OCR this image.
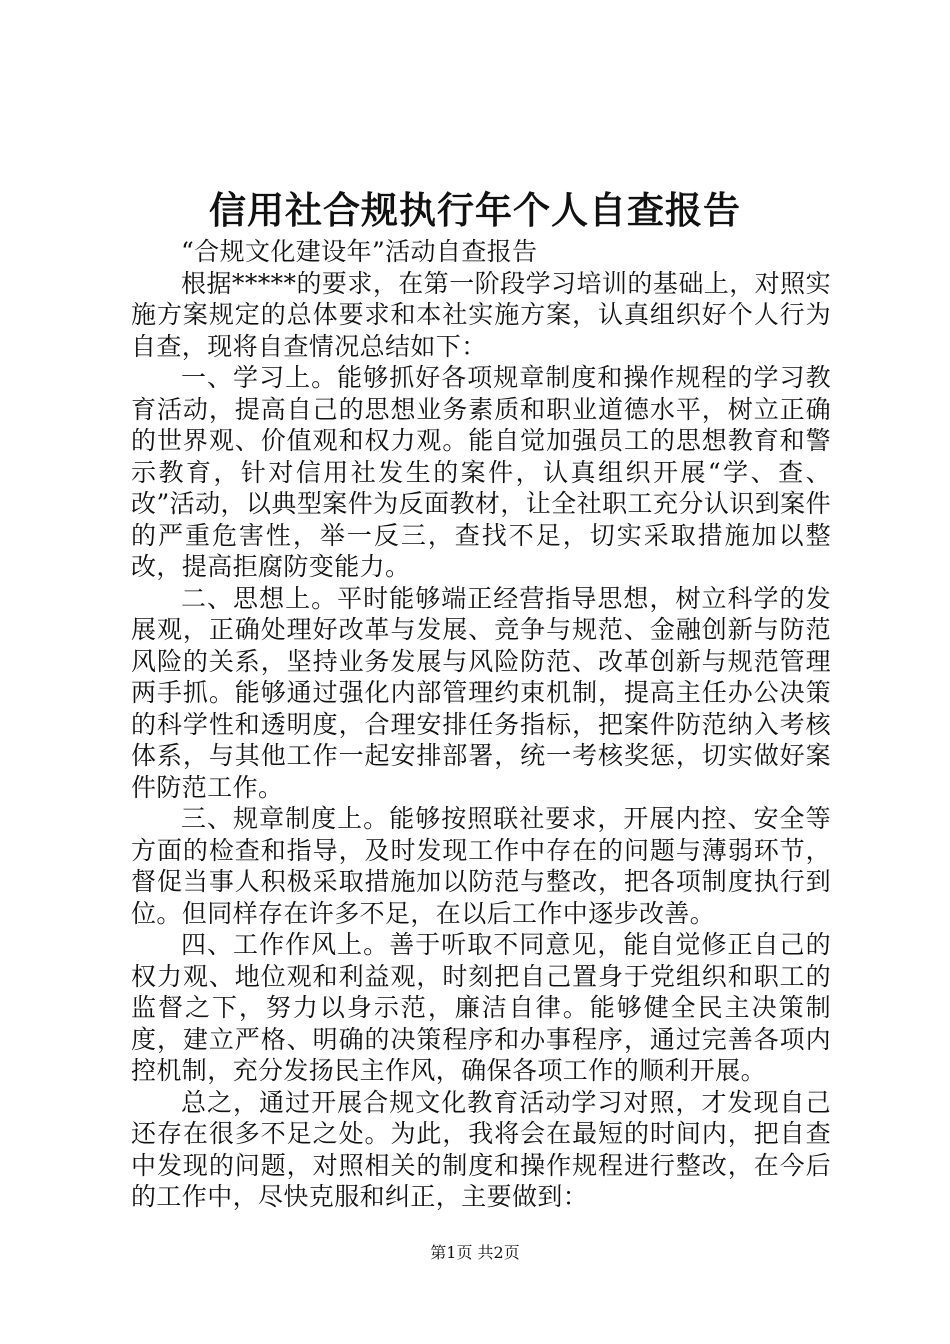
信用社合规执行年个人自查报告

“合规文化建设年”活动自查报告

根据*****的要求，在第一阶段学习培训的基础上，对照实施方案规定的总体要求和本社实施方案，认真组织好个人行为自查，现将自查情况总结如下：

一、学习上。能够抓好各项规章制度和操作规程的学习教育活动，提高自己的思想业务素质和职业道德水平，树立正确的世界观、价值观和权力观。能自觉加强员工的思想教育和警示教育，针对信用社发生的案件，认真组织开展“学、查、改”活动，以典型案件为反面教材，让全社职工充分认识到案件的严重危害性，举一反三，查找不足，切实采取措施加以整改，提高拒腐防变能力。

二、思想上。平时能够端正经营指导思想，树立科学的发展观，正确处理好改革与发展、竞争与规范、金融创新与防范风险的关系，坚持业务发展与风险防范、改革创新与规范管理两手抓。能够通过强化内部管理约束机制，提高主任办公决策的科学性和透明度，合理安排任务指标，把案件防范纳入考核体系，与其他工作一起安排部署，统一考核奖惩，切实做好案件防范工作。

三、规章制度上。能够按照联社要求，开展内控、安全等方面的检查和指导，及时发现工作中存在的问题与薄弱环节，督促当事人积极采取措施加以防范与整改，把各项制度执行到位。但同样存在许多不足，在以后工作中逐步改善。

四、工作作风上。善于听取不同意见，能自觉修正自己的权力观、地位观和利益观，时刻把自己置身于党组织和职工的监督之下，努力以身示范，廉洁自律。能够健全民主决策制度，建立严格、明确的决策程序和办事程序，通过完善各项内控机制，充分发扬民主作风，确保各项工作的顺利开展。

总之，通过开展合规文化教育活动学习对照，才发现自己还存在很多不足之处。为此，我将会在最短的时间内，把自查中发现的问题，对照相关的制度和操作规程进行整改，在今后的工作中，尽快克服和纠正，主要做到：

第1页 共2页
